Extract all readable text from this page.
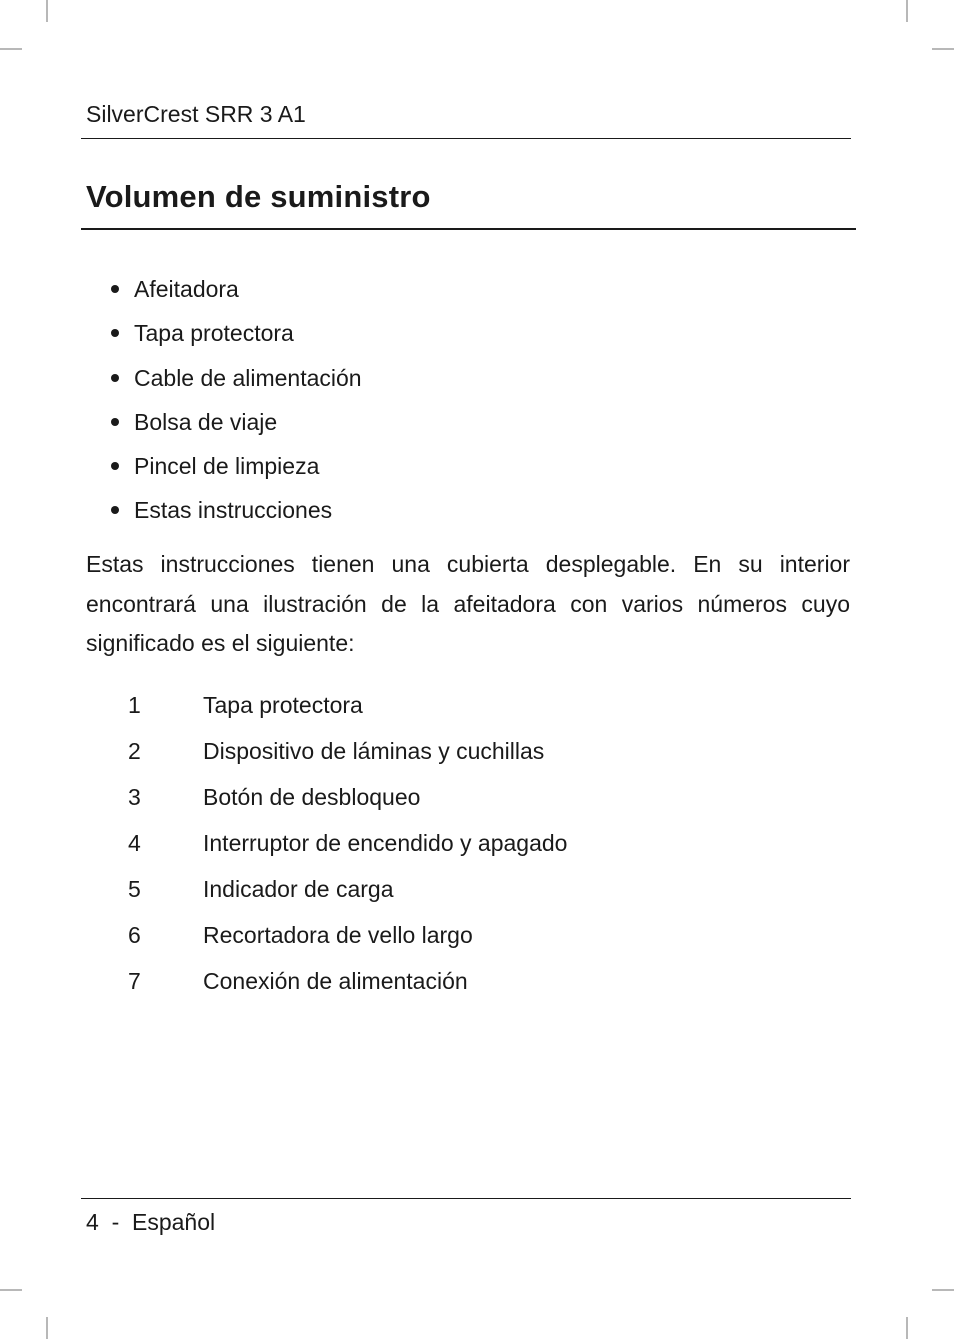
SilverCrest SRR 3 A1
Volumen de suministro
Afeitadora
Tapa protectora
Cable de alimentación
Bolsa de viaje
Pincel de limpieza
Estas instrucciones

Estas instrucciones tienen una cubierta desplegable. En su interior encontrará una ilustración de la afeitadora con varios números cuyo significado es el siguiente:

1	Tapa protectora
2	Dispositivo de láminas y cuchillas
3	Botón de desbloqueo
4	Interruptor de encendido y apagado
5	Indicador de carga
6	Recortadora de vello largo
7	Conexión de alimentación
4  -  Español
